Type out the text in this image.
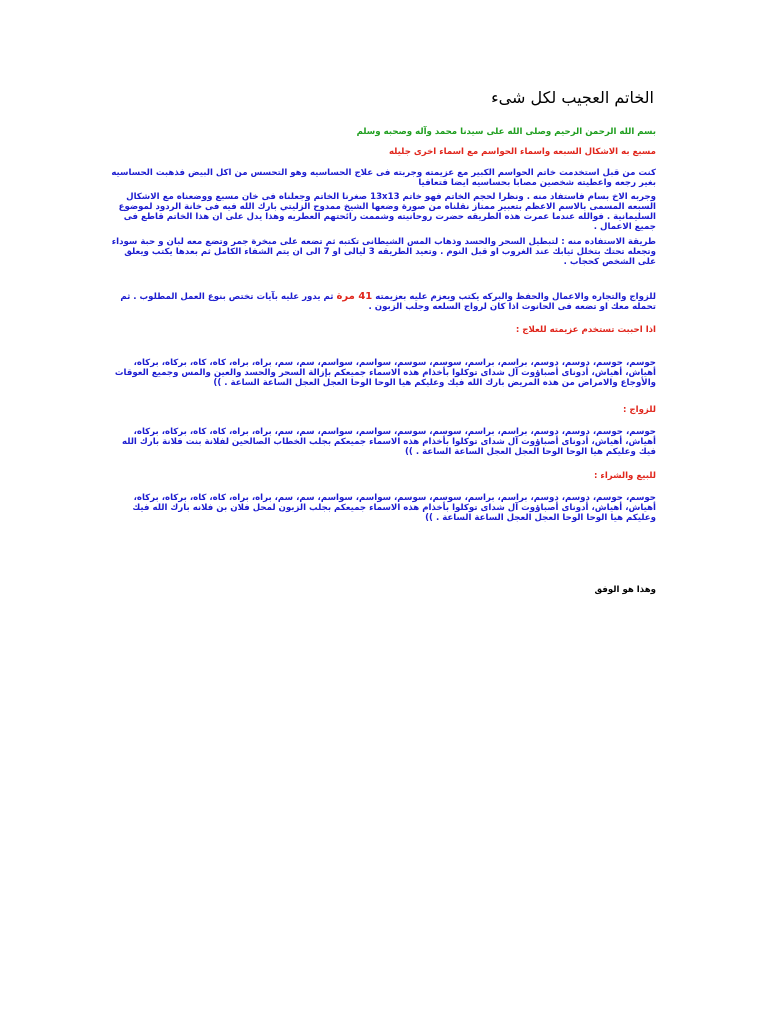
الخاتم العجيب لكل شىء

بسم الله الرحمن الرحيم وصلى الله على سيدنا محمد وآله وصحبه وسلم

مسبع به الاشكال السبعه واسماء الحواسم مع اسماء اخرى جليله

كنت من قبل استخدمت خاتم الحواسم الكبير مع عزيمته وجربته فى علاج الحساسيه وهو التحسس من اكل البيض فذهبت الحساسيه بغير رجعه واعطيته شخصين مصابا بحساسيه ايضا فتعافيا

وجربه الاخ بسام فاستفاد منه . ونظرا لحجم الخاتم فهو خاتم 13x13 صغرنا الخاتم وجعلناه فى خان مسبع ووضعناه مع الاشكال السبعه المسمى بالاسم الاعظم بتعبير ممتاز نقلناه من صورة وضعها الشيخ ممدوح الزليتي بارك الله فيه فى خانة الردود لموضوع السليمانية . فوالله عندما عمرت هذه الطريقه حضرت روحانيته وشممت رائحتهم العطريه وهذا يدل على ان هذا الخاتم قاطع فى جميع الاعمال .

طريقة الاستفاده منه : لتبطيل السحر والحسد وذهاب المس الشيطانى تكتبه ثم تضعه على مبخرة جمر وتضع معه لبان و حبة سوداء وتجعله تحتك بتخلل ثيابك عند الغروب او قبل النوم . وتعيد الطريقه 3 ليالى او 7 الى ان يتم الشفاء الكامل ثم بعدها يكتب ويعلق على الشخص كحجاب .

للزواج والتجاره والاعمال والحفظ والبركه يكتب ويعزم عليه بعزيمته 41 مرة ثم يدور عليه بآيات تختص بنوع العمل المطلوب . ثم تحمله معك او تضعه فى الحانوت اذا كان لرواج السلعه وجلب الزبون .

اذا احببت تستخدم عزيمته للعلاج :

حوسم، حوسم، دوسم، دوسم، براسم، براسم، سوسم، سوسم، سواسم، سواسم، سم، سم، براه، براه، كاه، كاه، بركاه، بركاه، أهياش، أهياش، أدوناى أصباؤوت آل شداى توكلوا بأخذام هذه الاسماء جميعكم بإزالة السحر والحسد والعين والمس وجميع العوقات والأوجاع والامراض من هذه المريض بارك الله فيك وعليكم هيا الوحا الوحا العجل العجل الساعة الساعة . ))

للزواج :

حوسم، حوسم، دوسم، دوسم، براسم، براسم، سوسم، سوسم، سواسم، سواسم، سم، سم، براه، براه، كاه، كاه، بركاه، بركاه، أهياش، أهياش، أدوناى أصباؤوت آل شداى توكلوا بأخذام هذه الاسماء جميعكم بجلب الخطاب الصالحين لفلانة بنت فلانة بارك الله فيك وعليكم هيا الوحا الوحا العجل العجل الساعة الساعة . ))

للبيع والشراء :

حوسم، حوسم، دوسم، دوسم، براسم، براسم، سوسم، سوسم، سواسم، سواسم، سم، سم، براه، براه، كاه، كاه، بركاه، بركاه، أهياش، أهياش، أدوناى أصباؤوت آل شداى توكلوا بأخذام هذه الاسماء جميعكم بجلب الزبون لمحل فلان بن فلانه بارك الله فيك وعليكم هيا الوحا الوحا العجل العجل الساعة الساعة . ))

وهذا هو الوفق
